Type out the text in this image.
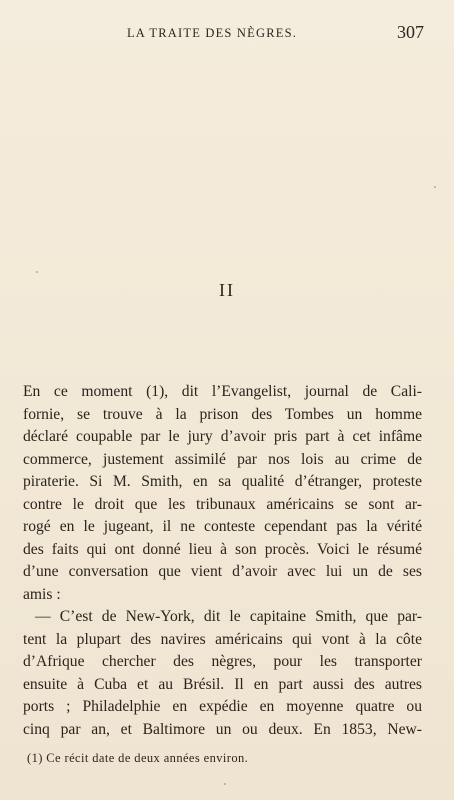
LA TRAITE DES NÈGRES.	307
II
En ce moment (1), dit l’Evangelist, journal de Cali-
fornie, se trouve à la prison des Tombes un homme
déclaré coupable par le jury d’avoir pris part à cet infâme
commerce, justement assimilé par nos lois au crime de
piraterie. Si M. Smith, en sa qualité d’étranger, proteste
contre le droit que les tribunaux américains se sont ar-
rogé en le jugeant, il ne conteste cependant pas la vérité
des faits qui ont donné lieu à son procès. Voici le résumé
d’une conversation que vient d’avoir avec lui un de ses
amis :
— C’est de New-York, dit le capitaine Smith, que par-
tent la plupart des navires américains qui vont à la côte
d’Afrique chercher des nègres, pour les transporter
ensuite à Cuba et au Brésil. Il en part aussi des autres
ports ; Philadelphie en expédie en moyenne quatre ou
cinq par an, et Baltimore un ou deux. En 1853, New-
(1) Ce récit date de deux années environ.
